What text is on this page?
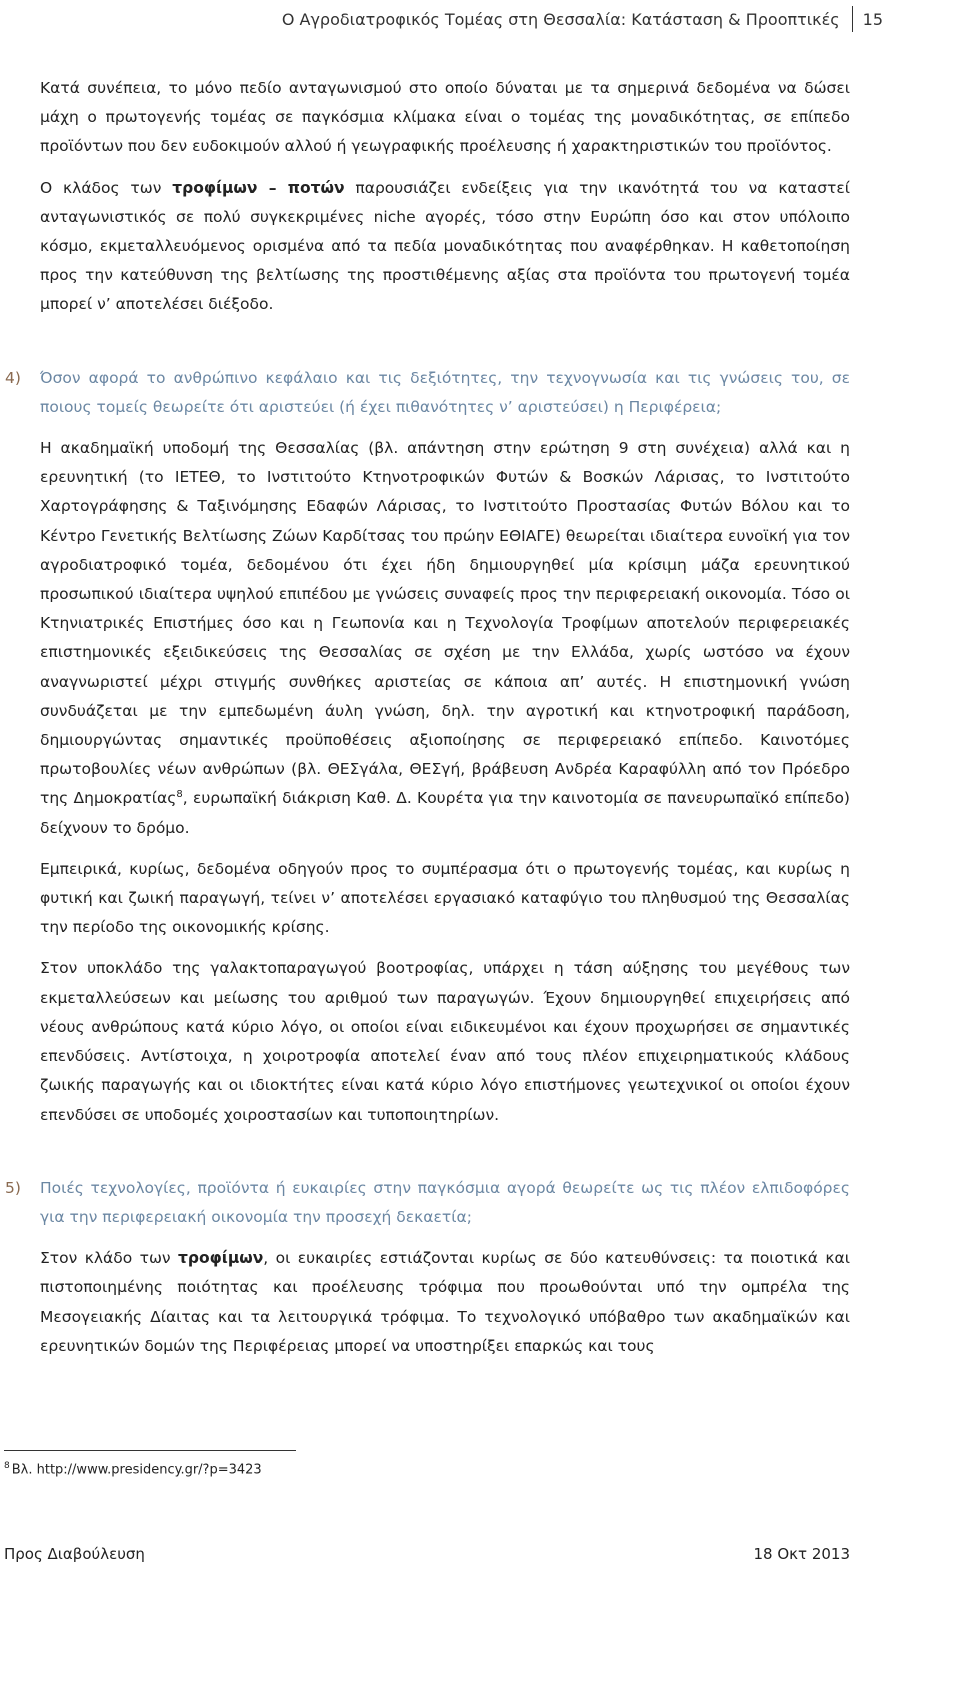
Ο Αγροδιατροφικός Τομέας στη Θεσσαλία: Κατάσταση & Προοπτικές	15

Κατά συνέπεια, το μόνο πεδίο ανταγωνισμού στο οποίο δύναται με τα σημερινά δεδομένα να δώσει μάχη ο πρωτογενής τομέας σε παγκόσμια κλίμακα είναι ο τομέας της μοναδικότητας, σε επίπεδο προϊόντων που δεν ευδοκιμούν αλλού ή γεωγραφικής προέλευσης ή χαρακτηριστικών του προϊόντος.

Ο κλάδος των τροφίμων – ποτών παρουσιάζει ενδείξεις για την ικανότητά του να καταστεί ανταγωνιστικός σε πολύ συγκεκριμένες niche αγορές, τόσο στην Ευρώπη όσο και στον υπόλοιπο κόσμο, εκμεταλλευόμενος ορισμένα από τα πεδία μοναδικότητας που αναφέρθηκαν. Η καθετοποίηση προς την κατεύθυνση της βελτίωσης της προστιθέμενης αξίας στα προϊόντα του πρωτογενή τομέα μπορεί ν’ αποτελέσει διέξοδο.

4) Όσον αφορά το ανθρώπινο κεφάλαιο και τις δεξιότητες, την τεχνογνωσία και τις γνώσεις του, σε ποιους τομείς θεωρείτε ότι αριστεύει (ή έχει πιθανότητες ν’ αριστεύσει) η Περιφέρεια;

Η ακαδημαϊκή υποδομή της Θεσσαλίας (βλ. απάντηση στην ερώτηση 9 στη συνέχεια) αλλά και η ερευνητική (το ΙΕΤΕΘ, το Ινστιτούτο Κτηνοτροφικών Φυτών & Βοσκών Λάρισας, το Ινστιτούτο Χαρτογράφησης & Ταξινόμησης Εδαφών Λάρισας, το Ινστιτούτο Προστασίας Φυτών Βόλου και το Κέντρο Γενετικής Βελτίωσης Ζώων Καρδίτσας του πρώην ΕΘΙΑΓΕ) θεωρείται ιδιαίτερα ευνοϊκή για τον αγροδιατροφικό τομέα, δεδομένου ότι έχει ήδη δημιουργηθεί μία κρίσιμη μάζα ερευνητικού προσωπικού ιδιαίτερα υψηλού επιπέδου με γνώσεις συναφείς προς την περιφερειακή οικονομία. Τόσο οι Κτηνιατρικές Επιστήμες όσο και η Γεωπονία και η Τεχνολογία Τροφίμων αποτελούν περιφερειακές επιστημονικές εξειδικεύσεις της Θεσσαλίας σε σχέση με την Ελλάδα, χωρίς ωστόσο να έχουν αναγνωριστεί μέχρι στιγμής συνθήκες αριστείας σε κάποια απ’ αυτές. Η επιστημονική γνώση συνδυάζεται με την εμπεδωμένη άυλη γνώση, δηλ. την αγροτική και κτηνοτροφική παράδοση, δημιουργώντας σημαντικές προϋποθέσεις αξιοποίησης σε περιφερειακό επίπεδο. Καινοτόμες πρωτοβουλίες νέων ανθρώπων (βλ. ΘΕΣγάλα, ΘΕΣγή, βράβευση Ανδρέα Καραφύλλη από τον Πρόεδρο της Δημοκρατίας$^8$, ευρωπαϊκή διάκριση Καθ. Δ. Κουρέτα για την καινοτομία σε πανευρωπαϊκό επίπεδο) δείχνουν το δρόμο.

Εμπειρικά, κυρίως, δεδομένα οδηγούν προς το συμπέρασμα ότι ο πρωτογενής τομέας, και κυρίως η φυτική και ζωική παραγωγή, τείνει ν’ αποτελέσει εργασιακό καταφύγιο του πληθυσμού της Θεσσαλίας την περίοδο της οικονομικής κρίσης.

Στον υποκλάδο της γαλακτοπαραγωγού βοοτροφίας, υπάρχει η τάση αύξησης του μεγέθους των εκμεταλλεύσεων και μείωσης του αριθμού των παραγωγών. Έχουν δημιουργηθεί επιχειρήσεις από νέους ανθρώπους κατά κύριο λόγο, οι οποίοι είναι ειδικευμένοι και έχουν προχωρήσει σε σημαντικές επενδύσεις. Αντίστοιχα, η χοιροτροφία αποτελεί έναν από τους πλέον επιχειρηματικούς κλάδους ζωικής παραγωγής και οι ιδιοκτήτες είναι κατά κύριο λόγο επιστήμονες γεωτεχνικοί οι οποίοι έχουν επενδύσει σε υποδομές χοιροστασίων και τυποποιητηρίων.

5) Ποιές τεχνολογίες, προϊόντα ή ευκαιρίες στην παγκόσμια αγορά θεωρείτε ως τις πλέον ελπιδοφόρες για την περιφερειακή οικονομία την προσεχή δεκαετία;

Στον κλάδο των τροφίμων, οι ευκαιρίες εστιάζονται κυρίως σε δύο κατευθύνσεις: τα ποιοτικά και πιστοποιημένης ποιότητας και προέλευσης τρόφιμα που προωθούνται υπό την ομπρέλα της Μεσογειακής Δίαιτας και τα λειτουργικά τρόφιμα. Το τεχνολογικό υπόβαθρο των ακαδημαϊκών και ερευνητικών δομών της Περιφέρειας μπορεί να υποστηρίξει επαρκώς και τους

$^8$ Βλ. http://www.presidency.gr/?p=3423
Προς Διαβούλευση	18 Οκτ 2013
